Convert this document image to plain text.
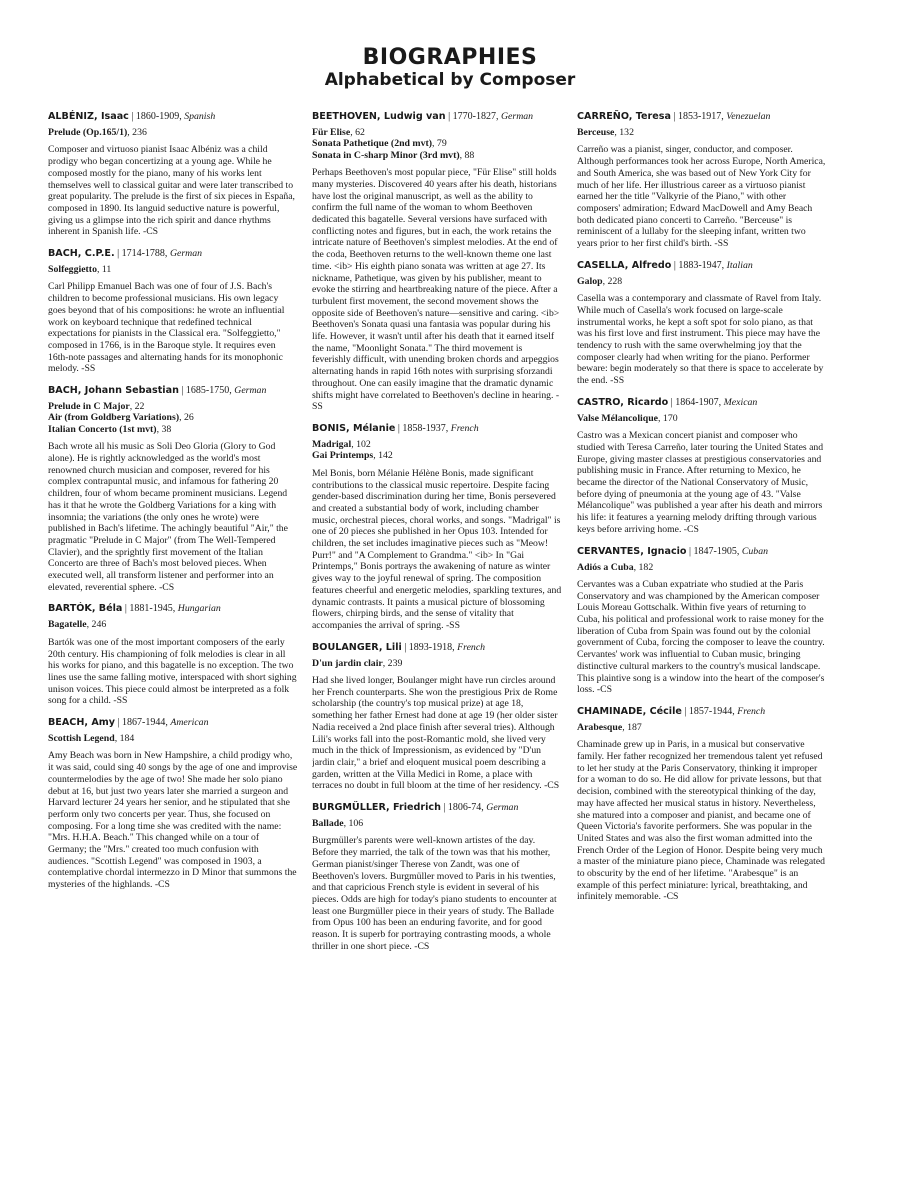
BIOGRAPHIES
Alphabetical by Composer
ALBÉNIZ, Isaac | 1860-1909, Spanish
Prelude (Op.165/1), 236

Composer and virtuoso pianist Isaac Albéniz was a child prodigy who began concertizing at a young age. While he composed mostly for the piano, many of his works lent themselves well to classical guitar and were later transcribed to great popularity. The prelude is the first of six pieces in España, composed in 1890. Its languid seductive nature is powerful, giving us a glimpse into the rich spirit and dance rhythms inherent in Spanish life. -CS

BACH, C.P.E. | 1714-1788, German
Solfeggietto, 11

Carl Philipp Emanuel Bach was one of four of J.S. Bach's children to become professional musicians. His own legacy goes beyond that of his compositions: he wrote an influential work on keyboard technique that redefined technical expectations for pianists in the Classical era. "Solfeggietto," composed in 1766, is in the Baroque style. It requires even 16th-note passages and alternating hands for its monophonic melody. -SS

BACH, Johann Sebastian | 1685-1750, German
Prelude in C Major, 22
Air (from Goldberg Variations), 26
Italian Concerto (1st mvt), 38

Bach wrote all his music as Soli Deo Gloria (Glory to God alone). He is rightly acknowledged as the world's most renowned church musician and composer, revered for his complex contrapuntal music, and infamous for fathering 20 children, four of whom became prominent musicians. Legend has it that he wrote the Goldberg Variations for a king with insomnia; the variations (the only ones he wrote) were published in Bach's lifetime. The achingly beautiful "Air," the pragmatic "Prelude in C Major" (from The Well-Tempered Clavier), and the sprightly first movement of the Italian Concerto are three of Bach's most beloved pieces. When executed well, all transform listener and performer into an elevated, reverential sphere. -CS

BARTÓK, Béla | 1881-1945, Hungarian
Bagatelle, 246

Bartók was one of the most important composers of the early 20th century. His championing of folk melodies is clear in all his works for piano, and this bagatelle is no exception. The two lines use the same falling motive, interspaced with short sighing unison voices. This piece could almost be interpreted as a folk song for a child. -SS

BEACH, Amy | 1867-1944, American
Scottish Legend, 184

Amy Beach was born in New Hampshire, a child prodigy who, it was said, could sing 40 songs by the age of one and improvise countermelodies by the age of two! She made her solo piano debut at 16, but just two years later she married a surgeon and Harvard lecturer 24 years her senior, and he stipulated that she perform only two concerts per year. Thus, she focused on composing. For a long time she was credited with the name: "Mrs. H.H.A. Beach." This changed while on a tour of Germany; the "Mrs." created too much confusion with audiences. "Scottish Legend" was composed in 1903, a contemplative chordal intermezzo in D Minor that summons the mysteries of the highlands. -CS

BEETHOVEN, Ludwig van | 1770-1827, German
Für Elise, 62
Sonata Pathetique (2nd mvt), 79
Sonata in C-sharp Minor (3rd mvt), 88

Perhaps Beethoven's most popular piece, "Für Elise" still holds many mysteries. Discovered 40 years after his death, historians have lost the original manuscript, as well as the ability to confirm the full name of the woman to whom Beethoven dedicated this bagatelle. Several versions have surfaced with conflicting notes and figures, but in each, the work retains the intricate nature of Beethoven's simplest melodies. At the end of the coda, Beethoven returns to the well-known theme one last time. <ib> His eighth piano sonata was written at age 27. Its nickname, Pathetique, was given by his publisher, meant to evoke the stirring and heartbreaking nature of the piece. After a turbulent first movement, the second movement shows the opposite side of Beethoven's nature—sensitive and caring. <ib> Beethoven's Sonata quasi una fantasia was popular during his life. However, it wasn't until after his death that it earned itself the name, "Moonlight Sonata." The third movement is feverishly difficult, with unending broken chords and arpeggios alternating hands in rapid 16th notes with surprising sforzandi throughout. One can easily imagine that the dramatic dynamic shifts might have correlated to Beethoven's decline in hearing. -SS

BONIS, Mélanie | 1858-1937, French
Madrigal, 102
Gai Printemps, 142

Mel Bonis, born Mélanie Hélène Bonis, made significant contributions to the classical music repertoire. Despite facing gender-based discrimination during her time, Bonis persevered and created a substantial body of work, including chamber music, orchestral pieces, choral works, and songs. "Madrigal" is one of 20 pieces she published in her Opus 103. Intended for children, the set includes imaginative pieces such as "Meow! Purr!" and "A Complement to Grandma." <ib> In "Gai Printemps," Bonis portrays the awakening of nature as winter gives way to the joyful renewal of spring. The composition features cheerful and energetic melodies, sparkling textures, and dynamic contrasts. It paints a musical picture of blossoming flowers, chirping birds, and the sense of vitality that accompanies the arrival of spring. -SS

BOULANGER, Lili | 1893-1918, French
D'un jardin clair, 239

Had she lived longer, Boulanger might have run circles around her French counterparts. She won the prestigious Prix de Rome scholarship (the country's top musical prize) at age 18, something her father Ernest had done at age 19 (her older sister Nadia received a 2nd place finish after several tries). Although Lili's works fall into the post-Romantic mold, she lived very much in the thick of Impressionism, as evidenced by "D'un jardin clair," a brief and eloquent musical poem describing a garden, written at the Villa Medici in Rome, a place with terraces no doubt in full bloom at the time of her residency. -CS

BURGMÜLLER, Friedrich | 1806-74, German
Ballade, 106

Burgmüller's parents were well-known artistes of the day. Before they married, the talk of the town was that his mother, German pianist/singer Therese von Zandt, was one of Beethoven's lovers. Burgmüller moved to Paris in his twenties, and that capricious French style is evident in several of his pieces. Odds are high for today's piano students to encounter at least one Burgmüller piece in their years of study. The Ballade from Opus 100 has been an enduring favorite, and for good reason. It is superb for portraying contrasting moods, a whole thriller in one short piece. -CS

CARREÑO, Teresa | 1853-1917, Venezuelan
Berceuse, 132

Carreño was a pianist, singer, conductor, and composer. Although performances took her across Europe, North America, and South America, she was based out of New York City for much of her life. Her illustrious career as a virtuoso pianist earned her the title "Valkyrie of the Piano," with other composers' admiration; Edward MacDowell and Amy Beach both dedicated piano concerti to Carreño. "Berceuse" is reminiscent of a lullaby for the sleeping infant, written two years prior to her first child's birth. -SS

CASELLA, Alfredo | 1883-1947, Italian
Galop, 228

Casella was a contemporary and classmate of Ravel from Italy. While much of Casella's work focused on large-scale instrumental works, he kept a soft spot for solo piano, as that was his first love and first instrument. This piece may have the tendency to rush with the same overwhelming joy that the composer clearly had when writing for the piano. Performer beware: begin moderately so that there is space to accelerate by the end. -SS

CASTRO, Ricardo | 1864-1907, Mexican
Valse Mélancolique, 170

Castro was a Mexican concert pianist and composer who studied with Teresa Carreño, later touring the United States and Europe, giving master classes at prestigious conservatories and publishing music in France. After returning to Mexico, he became the director of the National Conservatory of Music, before dying of pneumonia at the young age of 43. "Valse Mélancolique" was published a year after his death and mirrors his life: it features a yearning melody drifting through various keys before arriving home. -CS

CERVANTES, Ignacio | 1847-1905, Cuban
Adiós a Cuba, 182

Cervantes was a Cuban expatriate who studied at the Paris Conservatory and was championed by the American composer Louis Moreau Gottschalk. Within five years of returning to Cuba, his political and professional work to raise money for the liberation of Cuba from Spain was found out by the colonial government of Cuba, forcing the composer to leave the country. Cervantes' work was influential to Cuban music, bringing distinctive cultural markers to the country's musical landscape. This plaintive song is a window into the heart of the composer's loss. -CS

CHAMINADE, Cécile | 1857-1944, French
Arabesque, 187

Chaminade grew up in Paris, in a musical but conservative family. Her father recognized her tremendous talent yet refused to let her study at the Paris Conservatory, thinking it improper for a woman to do so. He did allow for private lessons, but that decision, combined with the stereotypical thinking of the day, may have affected her musical status in history. Nevertheless, she matured into a composer and pianist, and became one of Queen Victoria's favorite performers. She was popular in the United States and was also the first woman admitted into the French Order of the Legion of Honor. Despite being very much a master of the miniature piano piece, Chaminade was relegated to obscurity by the end of her lifetime. "Arabesque" is an example of this perfect miniature: lyrical, breathtaking, and infinitely memorable. -CS
